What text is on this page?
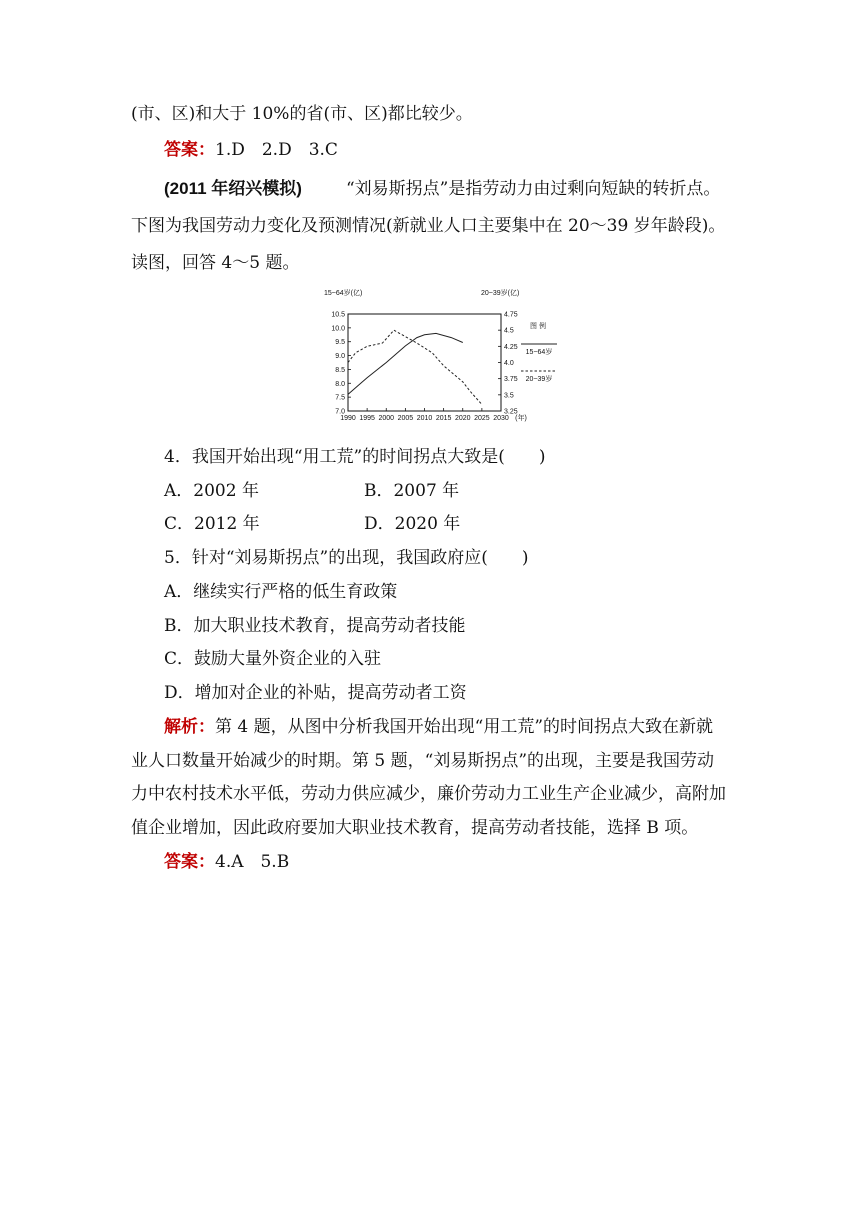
(市、区)和大于 10%的省(市、区)都比较少。
答案：1.D　2.D　3.C
(2011 年绍兴模拟)	“刘易斯拐点”是指劳动力由过剩向短缺的转折点。
下图为我国劳动力变化及预测情况(新就业人口主要集中在 20～39 岁年龄段)。
读图，回答 4～5 题。
15~64岁(亿)	20~39岁(亿)
10.5
10.0
9.5
9.0
8.5
8.0
7.5
7.0
4.75
4.5
4.25
4.0
3.75
3.5
3.25
1990 1995 2000 2005 2010 2015 2020 2025 2030 (年)
图 例
15~64岁
20~39岁
4．我国开始出现“用工荒”的时间拐点大致是(　　)
A．2002 年	B．2007 年
C．2012 年	D．2020 年
5．针对“刘易斯拐点”的出现，我国政府应(　　)
A．继续实行严格的低生育政策
B．加大职业技术教育，提高劳动者技能
C．鼓励大量外资企业的入驻
D．增加对企业的补贴，提高劳动者工资
解析：第 4 题，从图中分析我国开始出现“用工荒”的时间拐点大致在新就
业人口数量开始减少的时期。第 5 题，“刘易斯拐点”的出现，主要是我国劳动
力中农村技术水平低，劳动力供应减少，廉价劳动力工业生产企业减少，高附加
值企业增加，因此政府要加大职业技术教育，提高劳动者技能，选择 B 项。
答案：4.A　5.B
